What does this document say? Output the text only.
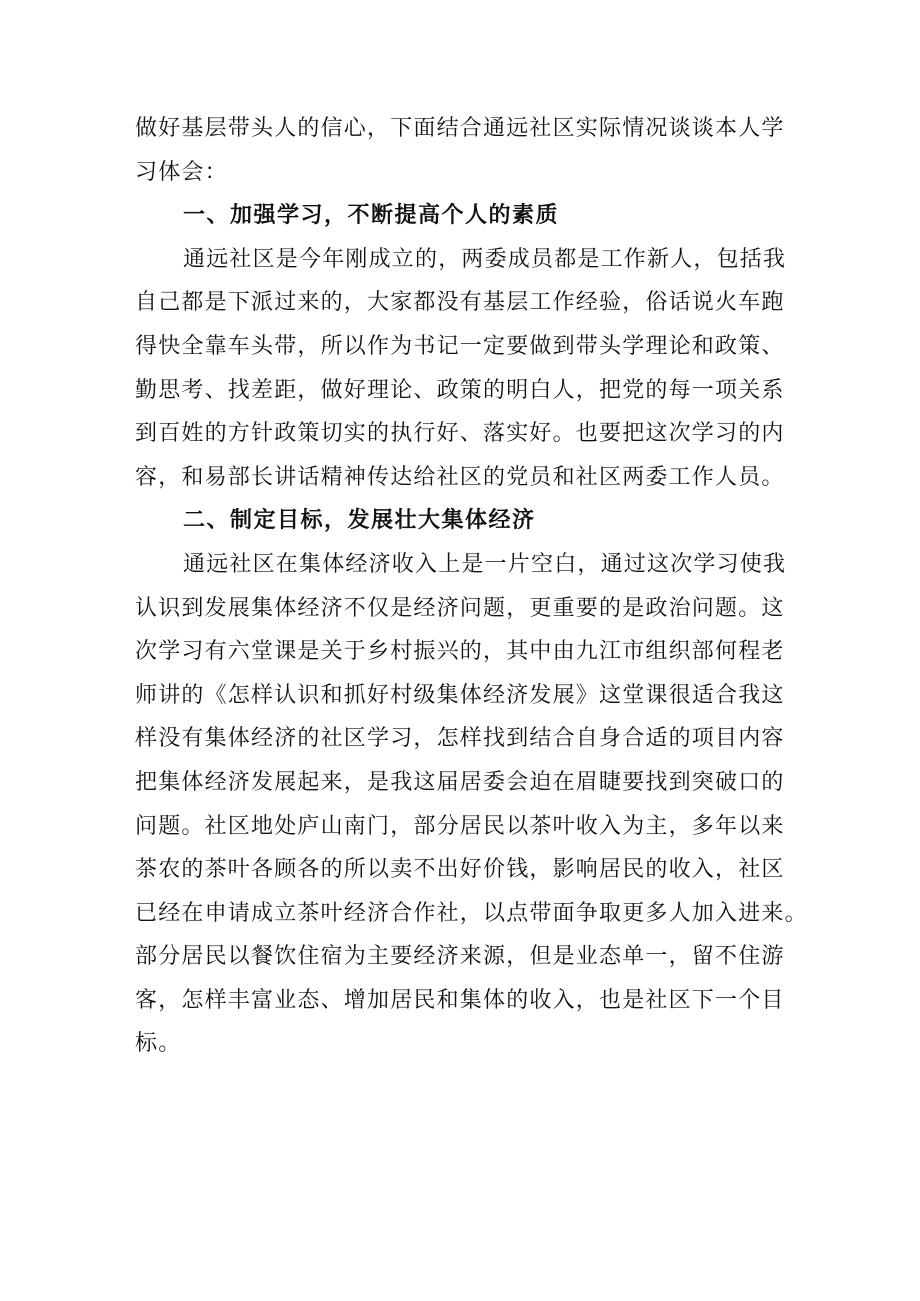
做好基层带头人的信心，下面结合通远社区实际情况谈谈本人学
习体会：
一、加强学习，不断提高个人的素质
通远社区是今年刚成立的，两委成员都是工作新人，包括我
自己都是下派过来的，大家都没有基层工作经验，俗话说火车跑
得快全靠车头带，所以作为书记一定要做到带头学理论和政策、
勤思考、找差距，做好理论、政策的明白人，把党的每一项关系
到百姓的方针政策切实的执行好、落实好。也要把这次学习的内
容，和易部长讲话精神传达给社区的党员和社区两委工作人员。
二、制定目标，发展壮大集体经济
通远社区在集体经济收入上是一片空白，通过这次学习使我
认识到发展集体经济不仅是经济问题，更重要的是政治问题。这
次学习有六堂课是关于乡村振兴的，其中由九江市组织部何程老
师讲的《怎样认识和抓好村级集体经济发展》这堂课很适合我这
样没有集体经济的社区学习，怎样找到结合自身合适的项目内容
把集体经济发展起来，是我这届居委会迫在眉睫要找到突破口的
问题。社区地处庐山南门，部分居民以茶叶收入为主，多年以来
茶农的茶叶各顾各的所以卖不出好价钱，影响居民的收入，社区
已经在申请成立茶叶经济合作社，以点带面争取更多人加入进来。
部分居民以餐饮住宿为主要经济来源，但是业态单一，留不住游
客，怎样丰富业态、增加居民和集体的收入，也是社区下一个目
标。
